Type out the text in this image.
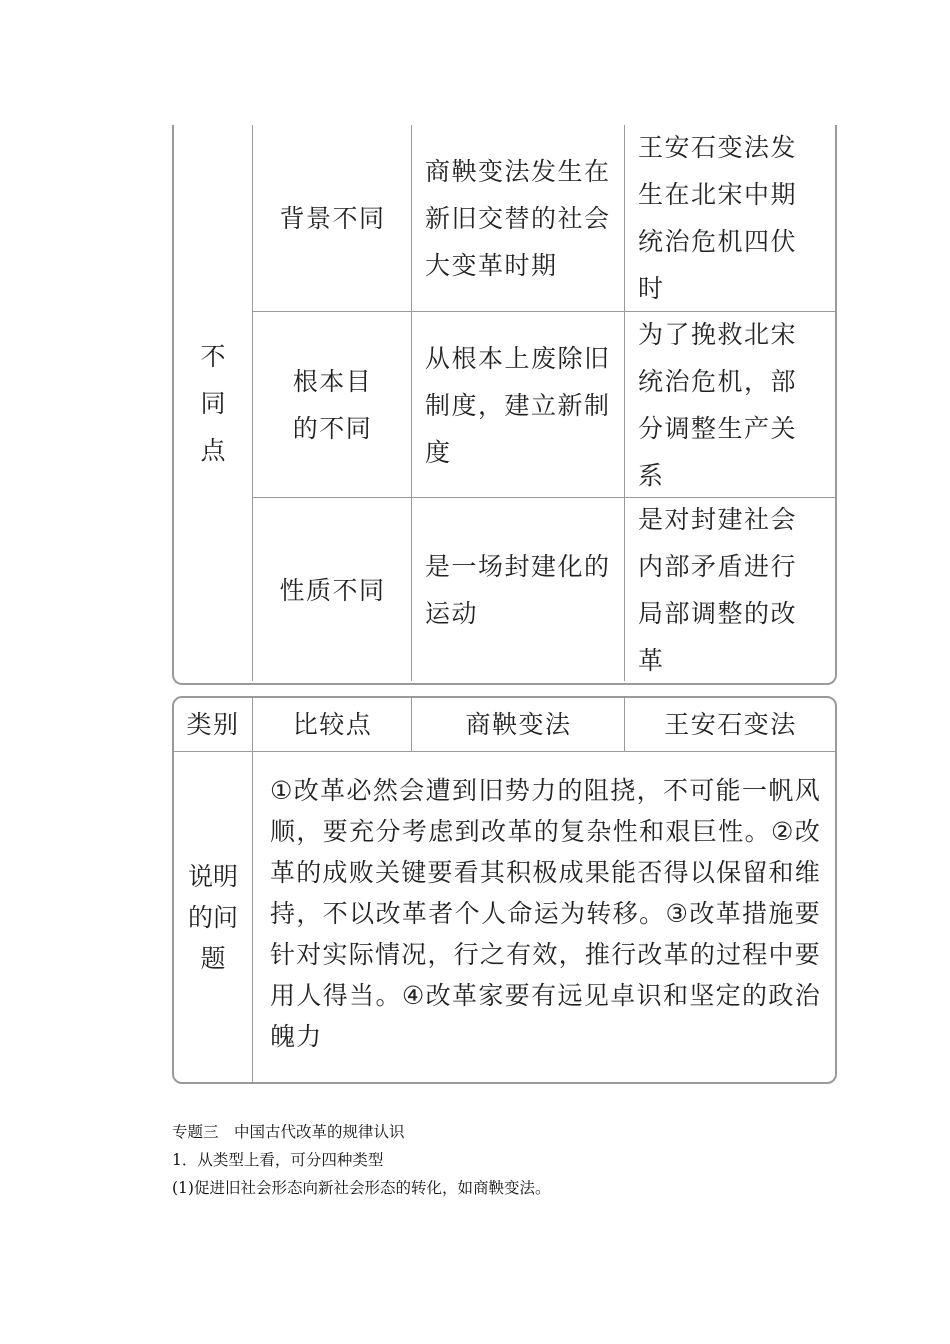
不同点
背景不同
商鞅变法发生在新旧交替的社会大变革时期
王安石变法发生在北宋中期统治危机四伏时
根本目的不同
从根本上废除旧制度，建立新制度
为了挽救北宋统治危机，部分调整生产关系
性质不同
是一场封建化的运动
是对封建社会内部矛盾进行局部调整的改革
类别 比较点	商鞅变法	王安石变法
说明的问题
①改革必然会遭到旧势力的阻挠，不可能一帆风顺，要充分考虑到改革的复杂性和艰巨性。②改革的成败关键要看其积极成果能否得以保留和维持，不以改革者个人命运为转移。③改革措施要针对实际情况，行之有效，推行改革的过程中要用人得当。④改革家要有远见卓识和坚定的政治魄力
专题三　中国古代改革的规律认识
1．从类型上看，可分四种类型
(1)促进旧社会形态向新社会形态的转化，如商鞅变法。
